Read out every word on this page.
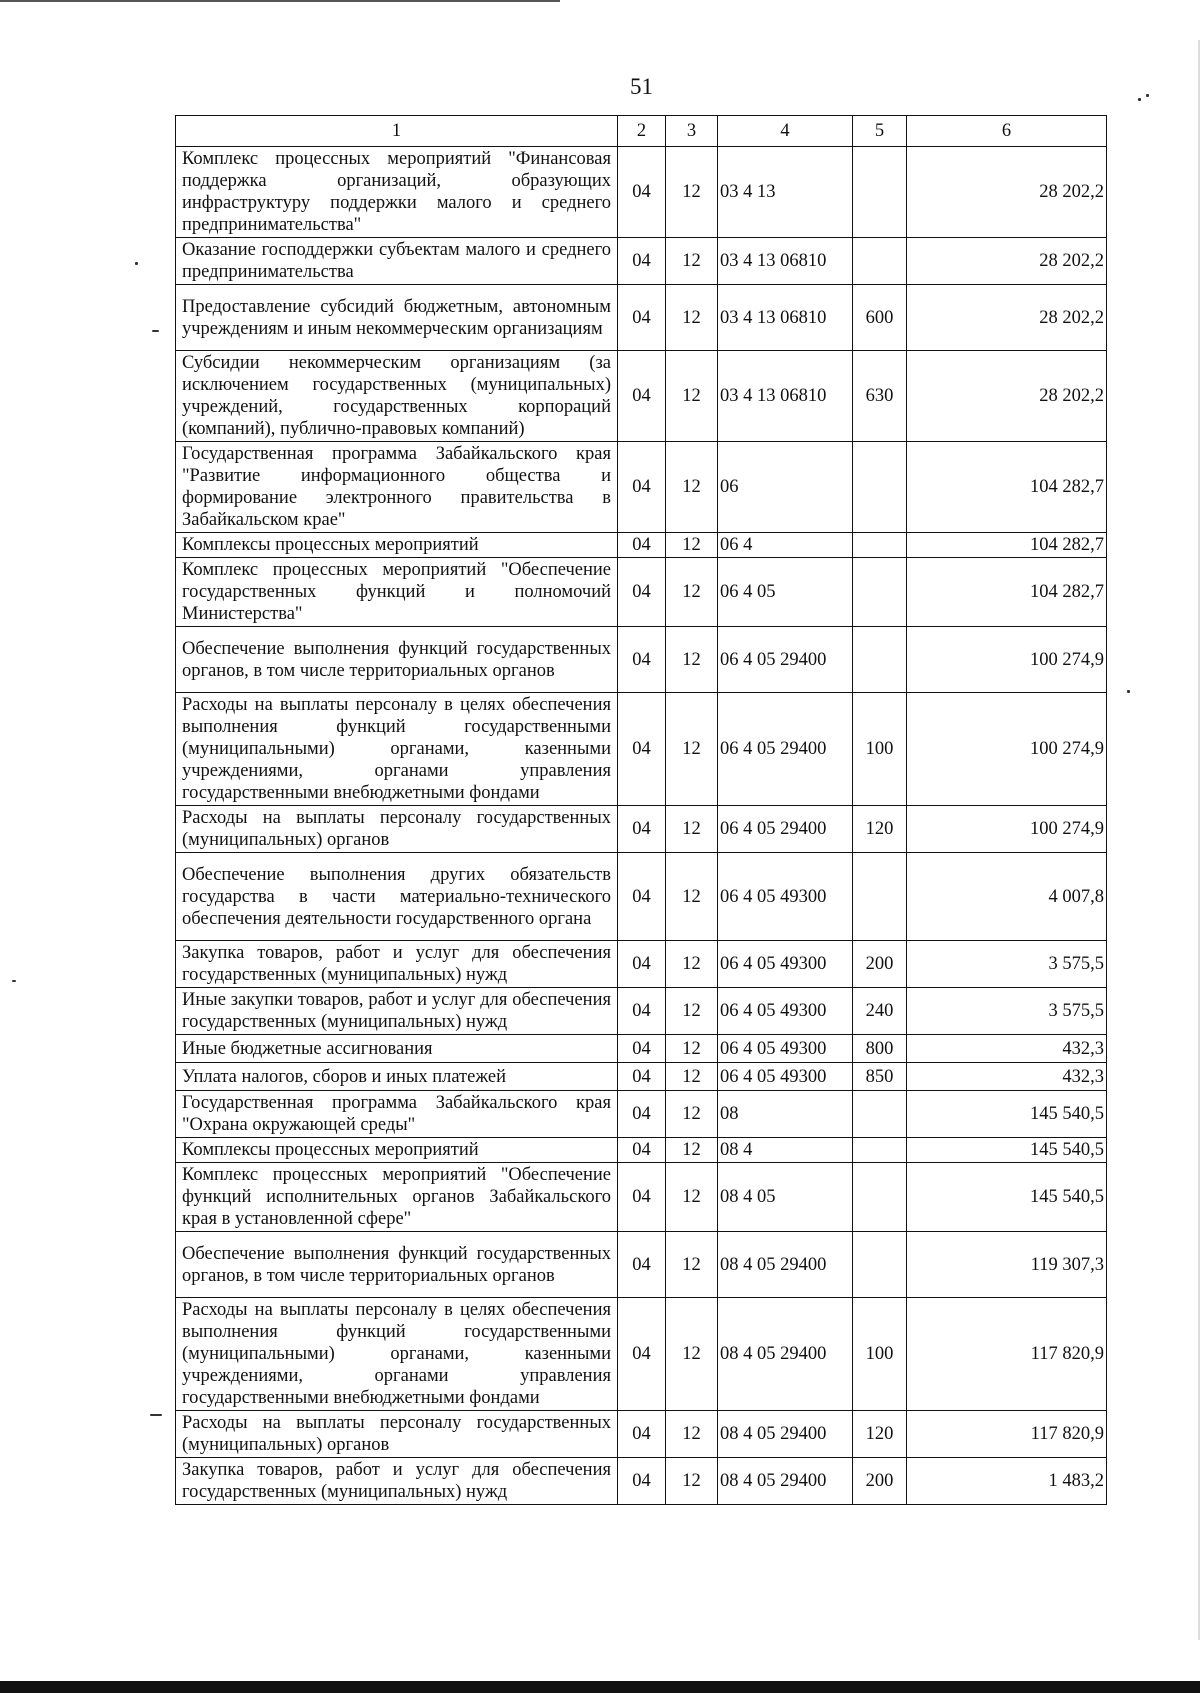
51
1	2	3	4	5	6
Комплекс процессных мероприятий "Финансовая поддержка организаций, образующих инфраструктуру поддержки малого и среднего предпринимательства"	04	12	03 4 13		28 202,2
Оказание господдержки субъектам малого и среднего предпринимательства	04	12	03 4 13 06810		28 202,2
Предоставление субсидий бюджетным, автономным учреждениям и иным некоммерческим организациям	04	12	03 4 13 06810	600	28 202,2
Субсидии некоммерческим организациям (за исключением государственных (муниципальных) учреждений, государственных корпораций (компаний), публично-правовых компаний)	04	12	03 4 13 06810	630	28 202,2
Государственная программа Забайкальского края "Развитие информационного общества и формирование электронного правительства в Забайкальском крае"	04	12	06		104 282,7
Комплексы процессных мероприятий	04	12	06 4		104 282,7
Комплекс процессных мероприятий "Обеспечение государственных функций и полномочий Министерства"	04	12	06 4 05		104 282,7
Обеспечение выполнения функций государственных органов, в том числе территориальных органов	04	12	06 4 05 29400		100 274,9
Расходы на выплаты персоналу в целях обеспечения выполнения функций государственными (муниципальными) органами, казенными учреждениями, органами управления государственными внебюджетными фондами	04	12	06 4 05 29400	100	100 274,9
Расходы на выплаты персоналу государственных (муниципальных) органов	04	12	06 4 05 29400	120	100 274,9
Обеспечение выполнения других обязательств государства в части материально-технического обеспечения деятельности государственного органа	04	12	06 4 05 49300		4 007,8
Закупка товаров, работ и услуг для обеспечения государственных (муниципальных) нужд	04	12	06 4 05 49300	200	3 575,5
Иные закупки товаров, работ и услуг для обеспечения государственных (муниципальных) нужд	04	12	06 4 05 49300	240	3 575,5
Иные бюджетные ассигнования	04	12	06 4 05 49300	800	432,3
Уплата налогов, сборов и иных платежей	04	12	06 4 05 49300	850	432,3
Государственная программа Забайкальского края "Охрана окружающей среды"	04	12	08		145 540,5
Комплексы процессных мероприятий	04	12	08 4		145 540,5
Комплекс процессных мероприятий "Обеспечение функций исполнительных органов Забайкальского края в установленной сфере"	04	12	08 4 05		145 540,5
Обеспечение выполнения функций государственных органов, в том числе территориальных органов	04	12	08 4 05 29400		119 307,3
Расходы на выплаты персоналу в целях обеспечения выполнения функций государственными (муниципальными) органами, казенными учреждениями, органами управления государственными внебюджетными фондами	04	12	08 4 05 29400	100	117 820,9
Расходы на выплаты персоналу государственных (муниципальных) органов	04	12	08 4 05 29400	120	117 820,9
Закупка товаров, работ и услуг для обеспечения государственных (муниципальных) нужд	04	12	08 4 05 29400	200	1 483,2
